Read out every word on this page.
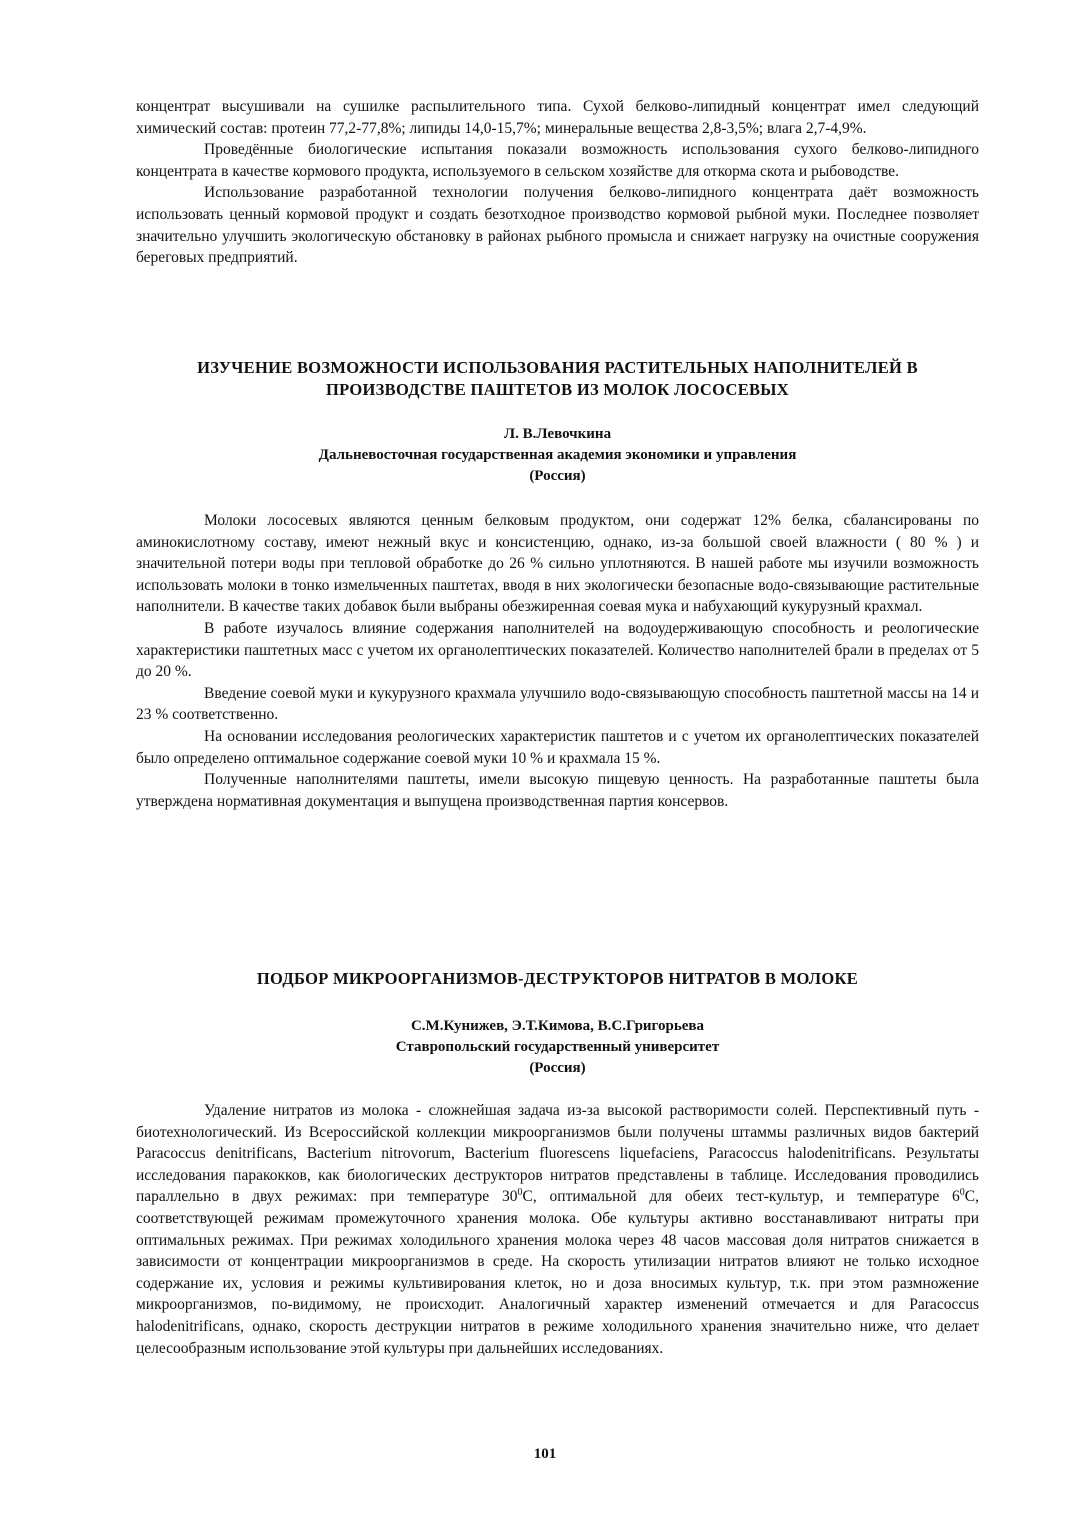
концентрат высушивали на сушилке распылительного типа. Сухой белково-липидный концентрат имел следующий химический состав: протеин 77,2-77,8%; липиды 14,0-15,7%; минеральные вещества 2,8-3,5%; влага 2,7-4,9%.

Проведённые биологические испытания показали возможность использования сухого белково-липидного концентрата в качестве кормового продукта, используемого в сельском хозяйстве для откорма скота и рыбоводстве.

Использование разработанной технологии получения белково-липидного концентрата даёт возможность использовать ценный кормовой продукт и создать безотходное производство кормовой рыбной муки. Последнее позволяет значительно улучшить экологическую обстановку в районах рыбного промысла и снижает нагрузку на очистные сооружения береговых предприятий.

ИЗУЧЕНИЕ ВОЗМОЖНОСТИ ИСПОЛЬЗОВАНИЯ РАСТИТЕЛЬНЫХ НАПОЛНИТЕЛЕЙ В

ПРОИЗВОДСТВЕ ПАШТЕТОВ ИЗ МОЛОК ЛОСОСЕВЫХ

Л. В.Левочкина

Дальневосточная государственная академия экономики и управления

(Россия)

Молоки лососевых являются ценным белковым продуктом, они содержат 12% белка, сбалансированы по аминокислотному составу, имеют нежный вкус и консистенцию, однако, из-за большой своей влажности ( 80 % ) и значительной потери воды при тепловой обработке до 26 % сильно уплотняются. В нашей работе мы изучили возможность использовать молоки в тонко измельченных паштетах, вводя в них экологически безопасные водо-связывающие растительные наполнители. В качестве таких добавок были выбраны обезжиренная соевая мука и набухающий кукурузный крахмал.

В работе изучалось влияние содержания наполнителей на водоудерживающую способность и реологические характеристики паштетных масс с учетом их органолептических показателей. Количество наполнителей брали в пределах от 5 до 20 %.

Введение соевой муки и кукурузного крахмала улучшило водо-связывающую способность паштетной массы на 14 и 23 % соответственно.

На основании исследования реологических характеристик паштетов и с учетом их органолептических показателей было определено оптимальное содержание соевой муки 10 % и крахмала 15 %.

Полученные наполнителями паштеты, имели высокую пищевую ценность. На разработанные паштеты была утверждена нормативная документация и выпущена производственная партия консервов.

ПОДБОР МИКРООРГАНИЗМОВ-ДЕСТРУКТОРОВ НИТРАТОВ В МОЛОКЕ

С.М.Кунижев, Э.Т.Кимова, В.С.Григорьева

Ставропольский государственный университет

(Россия)

Удаление нитратов из молока - сложнейшая задача из-за высокой растворимости солей. Перспективный путь - биотехнологический. Из Всероссийской коллекции микроорганизмов были получены штаммы различных видов бактерий Paracoccus denitrificans, Bacterium nitrovorum, Bacterium fluorescens liquefaciens, Paracoccus halodenitrificans. Результаты исследования паракокков, как биологических деструкторов нитратов представлены в таблице. Исследования проводились параллельно в двух режимах: при температуре $30^0С$, оптимальной для обеих тест-культур, и температуре $6^0С$, соответствующей режимам промежуточного хранения молока. Обе культуры активно восстанавливают нитраты при оптимальных режимах. При режимах холодильного хранения молока через 48 часов массовая доля нитратов снижается в зависимости от концентрации микроорганизмов в среде. На скорость утилизации нитратов влияют не только исходное содержание их, условия и режимы культивирования клеток, но и доза вносимых культур, т.к. при этом размножение микроорганизмов, по-видимому, не происходит. Аналогичный характер изменений отмечается и для Paracoccus halodenitrificans, однако, скорость деструкции нитратов в режиме холодильного хранения значительно ниже, что делает целесообразным использование этой культуры при дальнейших исследованиях.

101
